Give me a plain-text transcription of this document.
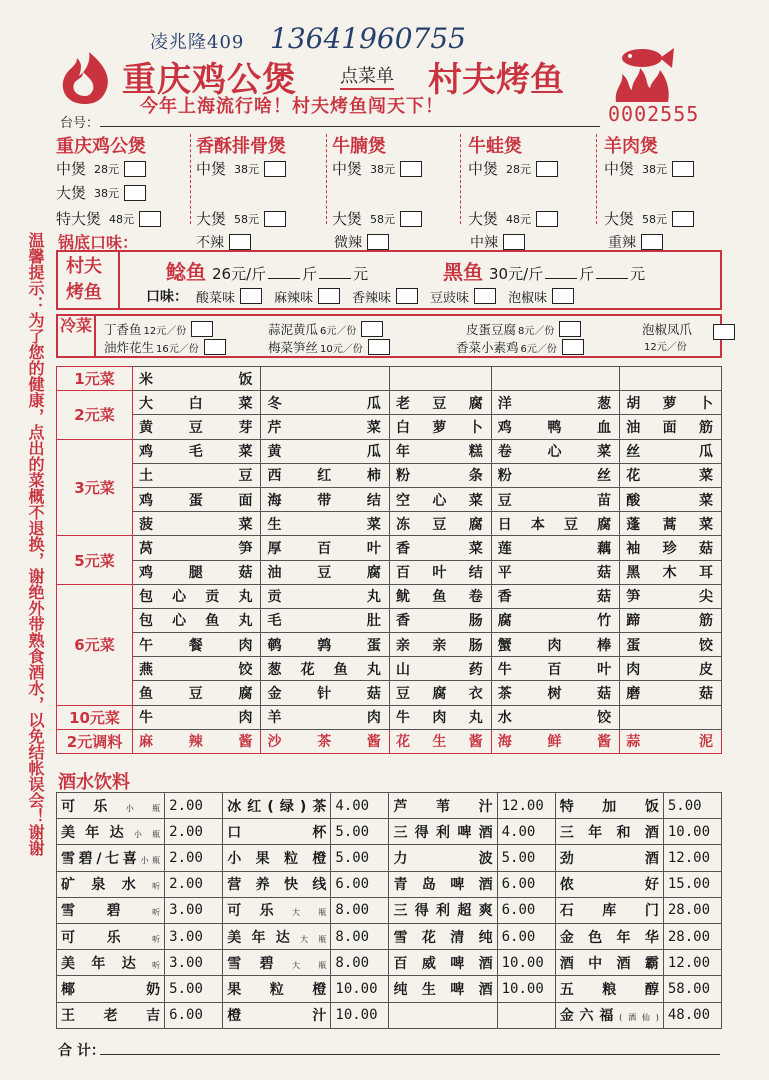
凌兆隆409 13641960755
重庆鸡公煲 点菜单 村夫烤鱼
今年上海流行啥！村夫烤鱼闯天下！	0002555
台号：
温馨提示：为了您的健康，点出的菜概不退换，谢绝外带熟食酒水，以免结帐误会！谢谢
重庆鸡公煲
中煲 28元
大煲 38元
特大煲 48元
香酥排骨煲
中煲 38元
大煲 58元
牛腩煲
中煲 38元
大煲 58元
牛蛙煲
中煲 28元
大煲 48元
羊肉煲
中煲 38元
大煲 58元
锅底口味：	不辣	微辣	中辣	重辣
村夫烤鱼
鲶鱼 26元/斤 斤 元	黑鱼 30元/斤 斤 元
口味： 酸菜味	麻辣味	香辣味	豆豉味	泡椒味
冷菜 丁香鱼 12元／份	蒜泥黄瓜 6元／份	皮蛋豆腐 8元／份	泡椒凤爪
12元／份
油炸花生 16元／份	梅菜笋丝 10元／份	香菜小素鸡 6元／份
1元菜	米饭				
2元菜	大白菜	冬瓜	老豆腐	洋葱	胡萝卜
	黄豆芽	芹菜	白萝卜	鸡鸭血	油面筋
3元菜	鸡毛菜	黄瓜	年糕	卷心菜	丝瓜
	土豆	西红柿	粉条	粉丝	花菜
	鸡蛋面	海带结	空心菜	豆苗	酸菜
	菠菜	生菜	冻豆腐	日本豆腐	蓬蒿菜
5元菜	莴笋	厚百叶	香菜	莲藕	袖珍菇
	鸡腿菇	油豆腐	百叶结	平菇	黑木耳
6元菜	包心贡丸	贡丸	鱿鱼卷	香菇	笋尖
	包心鱼丸	毛肚	香肠	腐竹	蹄筋
	午餐肉	鹌鹑蛋	亲亲肠	蟹肉棒	蛋饺
	燕饺	葱花鱼丸	山药	牛百叶	肉皮
	鱼豆腐	金针菇	豆腐衣	茶树菇	磨菇
10元菜	牛肉	羊肉	牛肉丸	水饺	
2元调料	麻辣酱	沙茶酱	花生酱	海鲜酱	蒜泥
酒水饮料
可乐小瓶	2.00	冰红(绿)茶	4.00	芦苇汁	12.00	特加饭	5.00
美年达小瓶	2.00	口杯	5.00	三得利啤酒	4.00	三年和酒	10.00
雪碧/七喜小瓶	2.00	小果粒橙	5.00	力波	5.00	劲酒	12.00
矿泉水听	2.00	营养快线	6.00	青岛啤酒	6.00	侬好	15.00
雪碧听	3.00	可乐大瓶	8.00	三得利超爽	6.00	石库门	28.00
可乐听	3.00	美年达大瓶	8.00	雪花清纯	6.00	金色年华	28.00
美年达听	3.00	雪碧大瓶	8.00	百威啤酒	10.00	酒中酒霸	12.00
椰奶	5.00	果粒橙	10.00	纯生啤酒	10.00	五粮醇	58.00
王老吉	6.00	橙汁	10.00			金六福(酒仙)	48.00
合 计：
